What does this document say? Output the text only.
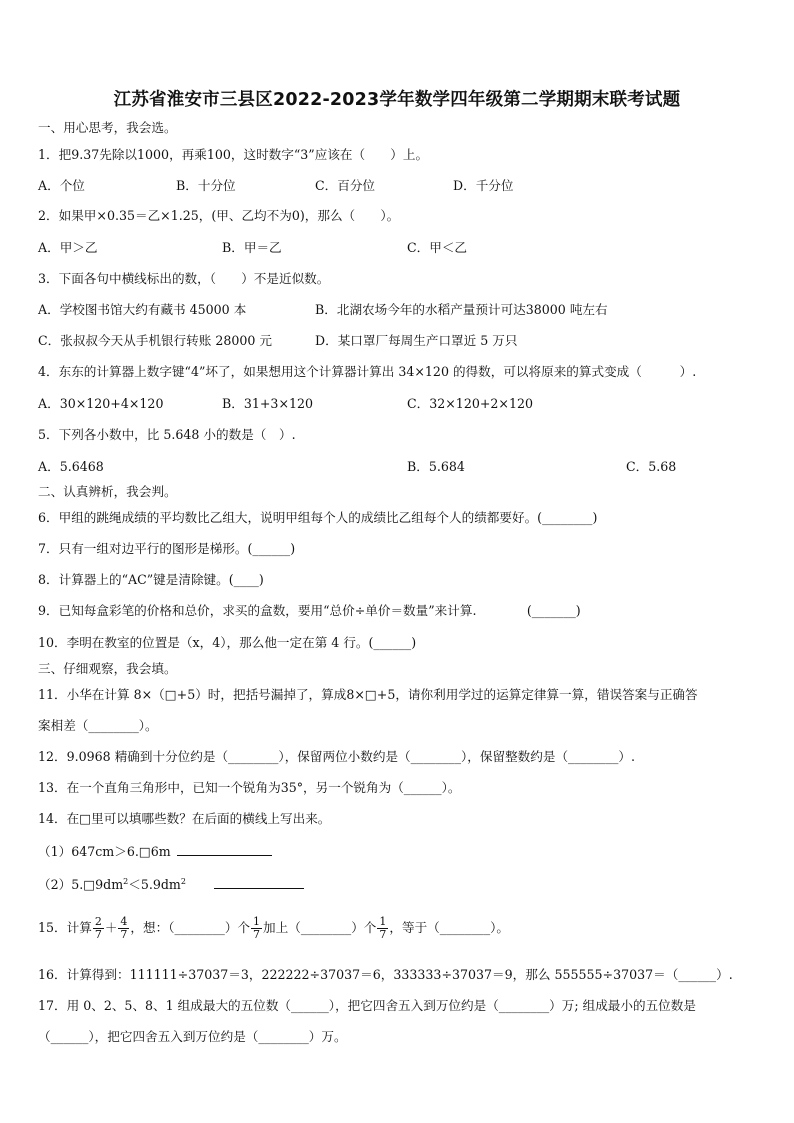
江苏省淮安市三县区2022-2023学年数学四年级第二学期期末联考试题
一、用心思考，我会选。
1．把9.37先除以1000，再乘100，这时数字“3”应该在（　　）上。
A．个位	B．十分位	C．百分位	D．千分位
2．如果甲×0.35＝乙×1.25，(甲、乙均不为0)，那么（　　）。
A．甲＞乙	B．甲＝乙	C．甲＜乙
3．下面各句中横线标出的数，（　　）不是近似数。
A．学校图书馆大约有藏书 45000 本	B．北湖农场今年的水稻产量预计可达38000 吨左右
C．张叔叔今天从手机银行转账 28000 元	D．某口罩厂每周生产口罩近 5 万只
4．东东的计算器上数字键“4”坏了，如果想用这个计算器计算出 34×120 的得数，可以将原来的算式变成（　　　）.
A．30×120+4×120	B．31+3×120	C．32×120+2×120
5．下列各小数中，比 5.648 小的数是（　）.
A．5.6468	B．5.684	C．5.68
二、认真辨析，我会判。
6．甲组的跳绳成绩的平均数比乙组大，说明甲组每个人的成绩比乙组每个人的绩都要好。(________)
7．只有一组对边平行的图形是梯形。(______)
8．计算器上的“AC”键是清除键。(____)
9．已知每盒彩笔的价格和总价，求买的盒数，要用“总价÷单价＝数量”来计算.　　　　(_______)
10．李明在教室的位置是（x，4），那么他一定在第 4 行。(______)
三、仔细观察，我会填。
11．小华在计算 8×（□+5）时，把括号漏掉了，算成8×□+5，请你利用学过的运算定律算一算，错误答案与正确答
案相差（________）。
12．9.0968 精确到十分位约是（________），保留两位小数约是（________），保留整数约是（________）.
13．在一个直角三角形中，已知一个锐角为35°，另一个锐角为（______）。
14．在□里可以填哪些数？在后面的横线上写出来。
（1）647cm＞6.□6m
$(2)5.□9dm^2<5.9dm^2$
15．计算 $\frac{2}{7} + \frac{4}{7}$ ，想：（________）个 $\frac{1}{7}$ 加上（________）个 $\frac{1}{7}$ ，等于（________）。
16．计算得到：111111÷37037＝3，222222÷37037＝6，333333÷37037＝9，那么 555555÷37037＝（______）.
17．用 0、2、5、8、1 组成最大的五位数（______），把它四舍五入到万位约是（________）万; 组成最小的五位数是
（______），把它四舍五入到万位约是（________）万。
